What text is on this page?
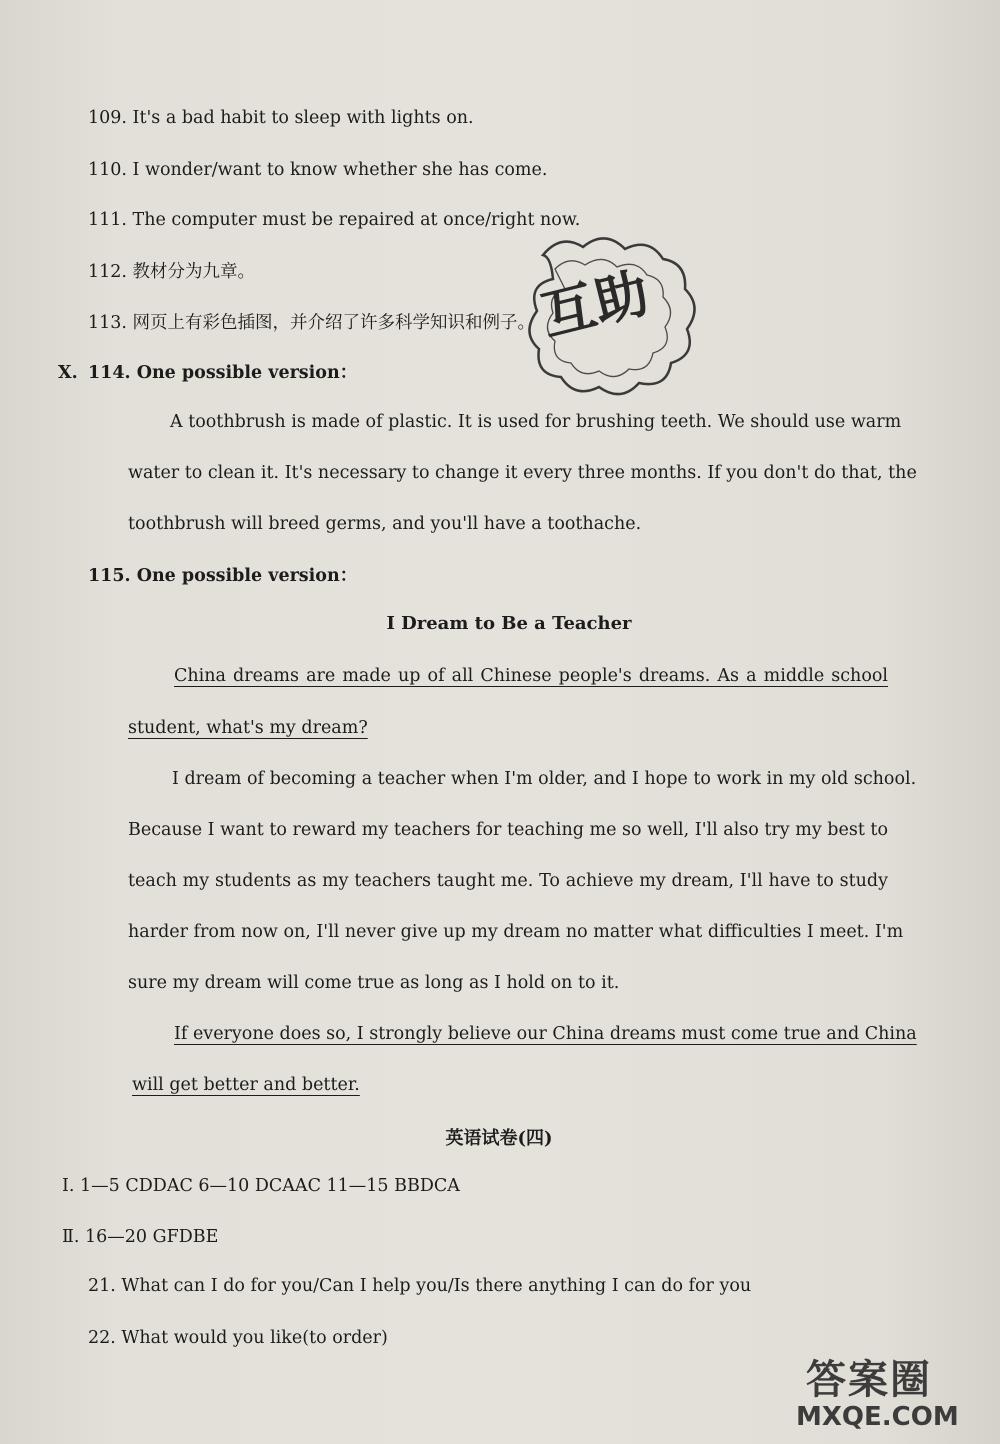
109. It's a bad habit to sleep with lights on.
110. I wonder/want to know whether she has come.
111. The computer must be repaired at once/right now.
112. 教材分为九章。
113. 网页上有彩色插图，并介绍了许多科学知识和例子。 互助
X. 114. One possible version：
A toothbrush is made of plastic. It is used for brushing teeth. We should use warm
water to clean it. It's necessary to change it every three months. If you don't do that, the
toothbrush will breed germs, and you'll have a toothache.
115. One possible version：
I Dream to Be a Teacher
China dreams are made up of all Chinese people's dreams. As a middle school
student, what's my dream?
I dream of becoming a teacher when I'm older, and I hope to work in my old school.
Because I want to reward my teachers for teaching me so well, I'll also try my best to
teach my students as my teachers taught me. To achieve my dream, I'll have to study
harder from now on, I'll never give up my dream no matter what difficulties I meet. I'm
sure my dream will come true as long as I hold on to it.
If everyone does so, I strongly believe our China dreams must come true and China
will get better and better.
英语试卷(四)
Ⅰ. 1—5 CDDAC 6—10 DCAAC 11—15 BBDCA
Ⅱ. 16—20 GFDBE
21. What can I do for you/Can I help you/Is there anything I can do for you
22. What would you like(to order)
答案圈
MXQE.COM
